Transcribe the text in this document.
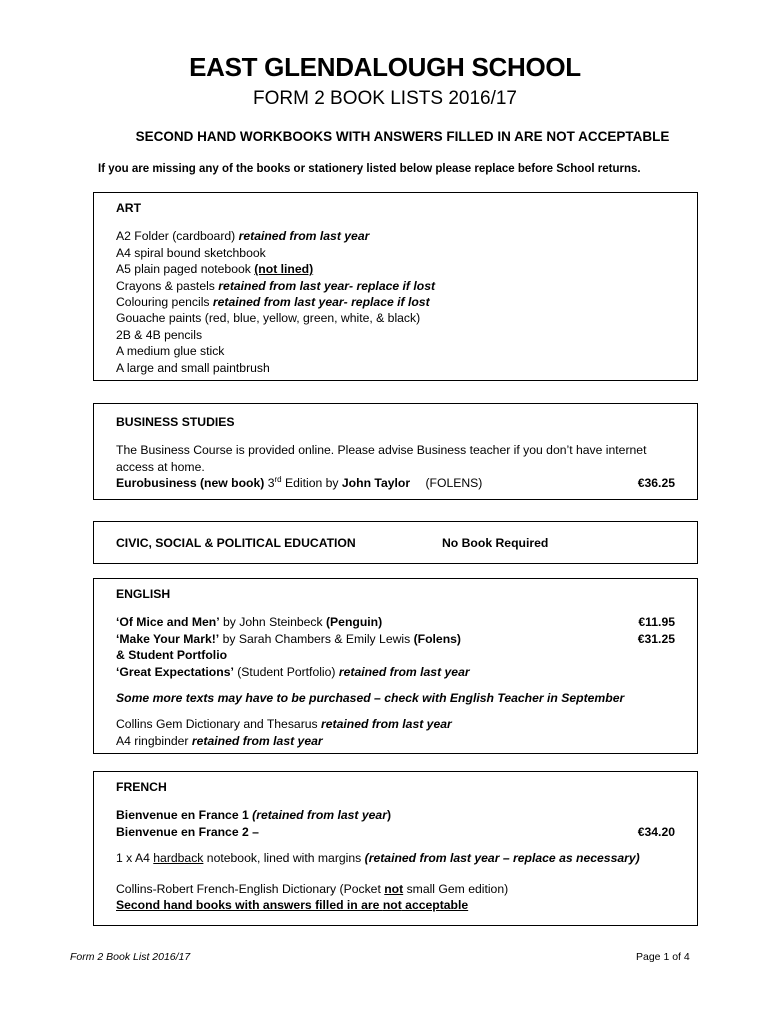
EAST GLENDALOUGH SCHOOL
FORM 2 BOOK LISTS 2016/17
SECOND HAND WORKBOOKS WITH ANSWERS FILLED IN ARE NOT ACCEPTABLE
If you are missing any of the books or stationery listed below please replace before School returns.
ART
A2 Folder (cardboard) retained from last year
A4 spiral bound sketchbook
A5 plain paged notebook (not lined)
Crayons & pastels retained from last year- replace if lost
Colouring pencils retained from last year- replace if lost
Gouache paints (red, blue, yellow, green, white, & black)
2B & 4B pencils
A medium glue stick
A large and small paintbrush
BUSINESS STUDIES
The Business Course is provided online. Please advise Business teacher if you don’t have internet
access at home.
Eurobusiness (new book) 3rd Edition by John Taylor (FOLENS)	€36.25
CIVIC, SOCIAL & POLITICAL EDUCATION	No Book Required
ENGLISH
‘Of Mice and Men’ by John Steinbeck (Penguin)	€11.95
‘Make Your Mark!’ by Sarah Chambers & Emily Lewis (Folens)	€31.25
& Student Portfolio
‘Great Expectations’ (Student Portfolio) retained from last year
Some more texts may have to be purchased – check with English Teacher in September
Collins Gem Dictionary and Thesarus retained from last year
A4 ringbinder retained from last year
FRENCH
Bienvenue en France 1 (retained from last year)
Bienvenue en France 2 –	€34.20
1 x A4 hardback notebook, lined with margins (retained from last year – replace as necessary)
Collins-Robert French-English Dictionary (Pocket not small Gem edition)
Second hand books with answers filled in are not acceptable
Form 2 Book List 2016/17	Page 1 of 4
